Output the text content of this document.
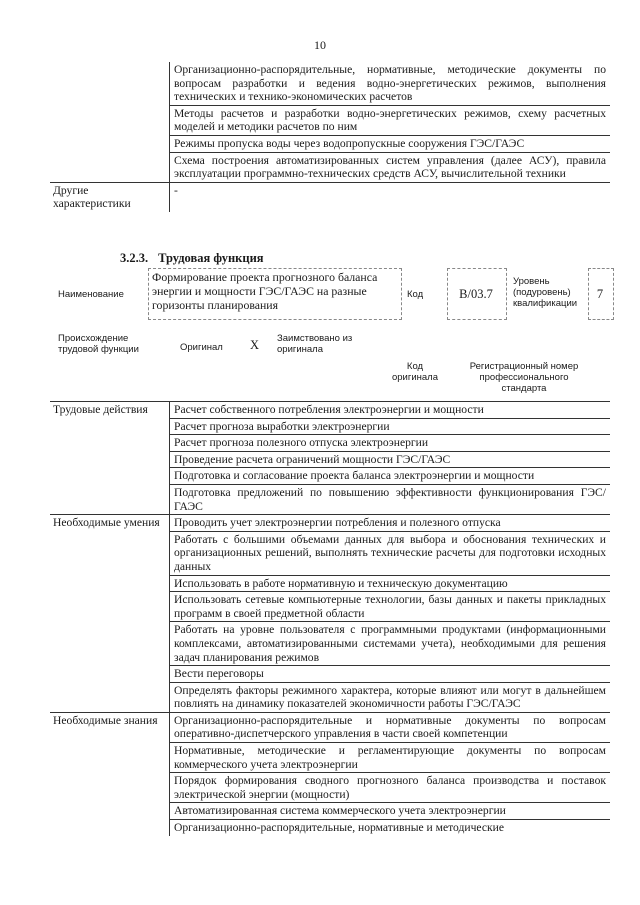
10
	Организационно-распорядительные, нормативные, методические документы по вопросам разработки и ведения водно-энергетических режимов, выполнения технических и технико-экономических расчетов
	Методы расчетов и разработки водно-энергетических режимов, схему расчетных моделей и методики расчетов по ним
	Режимы пропуска воды через водопропускные сооружения ГЭС/ГАЭС
	Схема построения автоматизированных систем управления (далее АСУ), правила эксплуатации программно-технических средств АСУ, вычислительной техники
Другие характеристики	-
3.2.3. Трудовая функция
Наименование
Формирование проекта прогнозного баланса энергии и мощности ГЭС/ГАЭС на разные горизонты планирования
Код	B/03.7
Уровень (подуровень) квалификации
7
Происхождение трудовой функции	Оригинал X Заимствовано из оригинала
Код оригинала
Регистрационный номер профессионального стандарта
Трудовые действия	Расчет собственного потребления электроэнергии и мощности
	Расчет прогноза выработки электроэнергии
	Расчет прогноза полезного отпуска электроэнергии
	Проведение расчета ограничений мощности ГЭС/ГАЭС
	Подготовка и согласование проекта баланса электроэнергии и мощности
	Подготовка предложений по повышению эффективности функционирования ГЭС/ГАЭС
Необходимые умения	Проводить учет электроэнергии потребления и полезного отпуска
	Работать с большими объемами данных для выбора и обоснования технических и организационных решений, выполнять технические расчеты для подготовки исходных данных
	Использовать в работе нормативную и техническую документацию
	Использовать сетевые компьютерные технологии, базы данных и пакеты прикладных программ в своей предметной области
	Работать на уровне пользователя с программными продуктами (информационными комплексами, автоматизированными системами учета), необходимыми для решения задач планирования режимов
	Вести переговоры
	Определять факторы режимного характера, которые влияют или могут в дальнейшем повлиять на динамику показателей экономичности работы ГЭС/ГАЭС
Необходимые знания	Организационно-распорядительные и нормативные документы по вопросам оперативно-диспетчерского управления в части своей компетенции
	Нормативные, методические и регламентирующие документы по вопросам коммерческого учета электроэнергии
	Порядок формирования сводного прогнозного баланса производства и поставок электрической энергии (мощности)
	Автоматизированная система коммерческого учета электроэнергии
	Организационно-распорядительные, нормативные и методические
